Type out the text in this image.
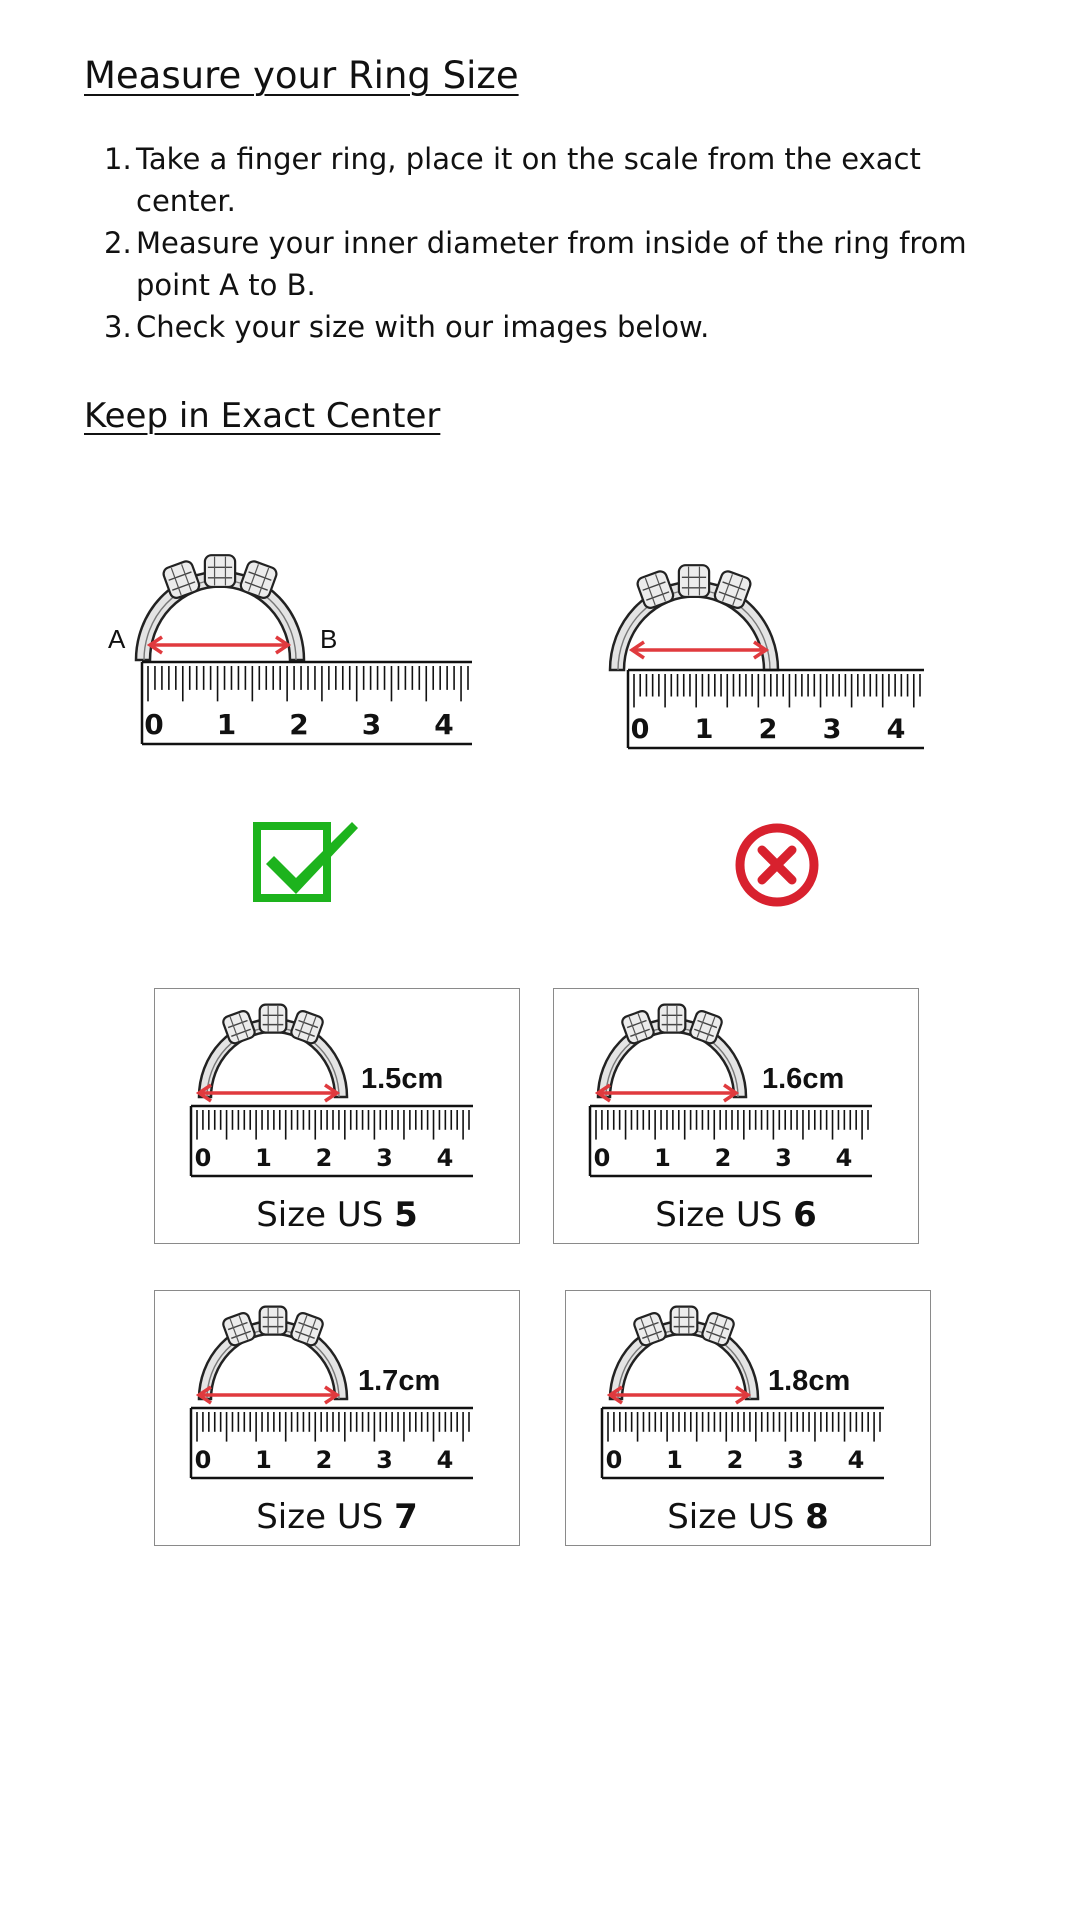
Measure your Ring Size
1. Take a finger ring, place it on the scale from the exact center.
2. Measure your inner diameter from inside of the ring from point A to B.
3. Check your size with our images below.
Keep in Exact Center
A	B
0 1 2 3 4	0 1 2 3 4
0 1 2 3 4
1.5cm
Size US 5
0 1 2 3 4
1.6cm
Size US 6
0 1 2 3 4
1.7cm
Size US 7
0 1 2 3 4
1.8cm
Size US 8
